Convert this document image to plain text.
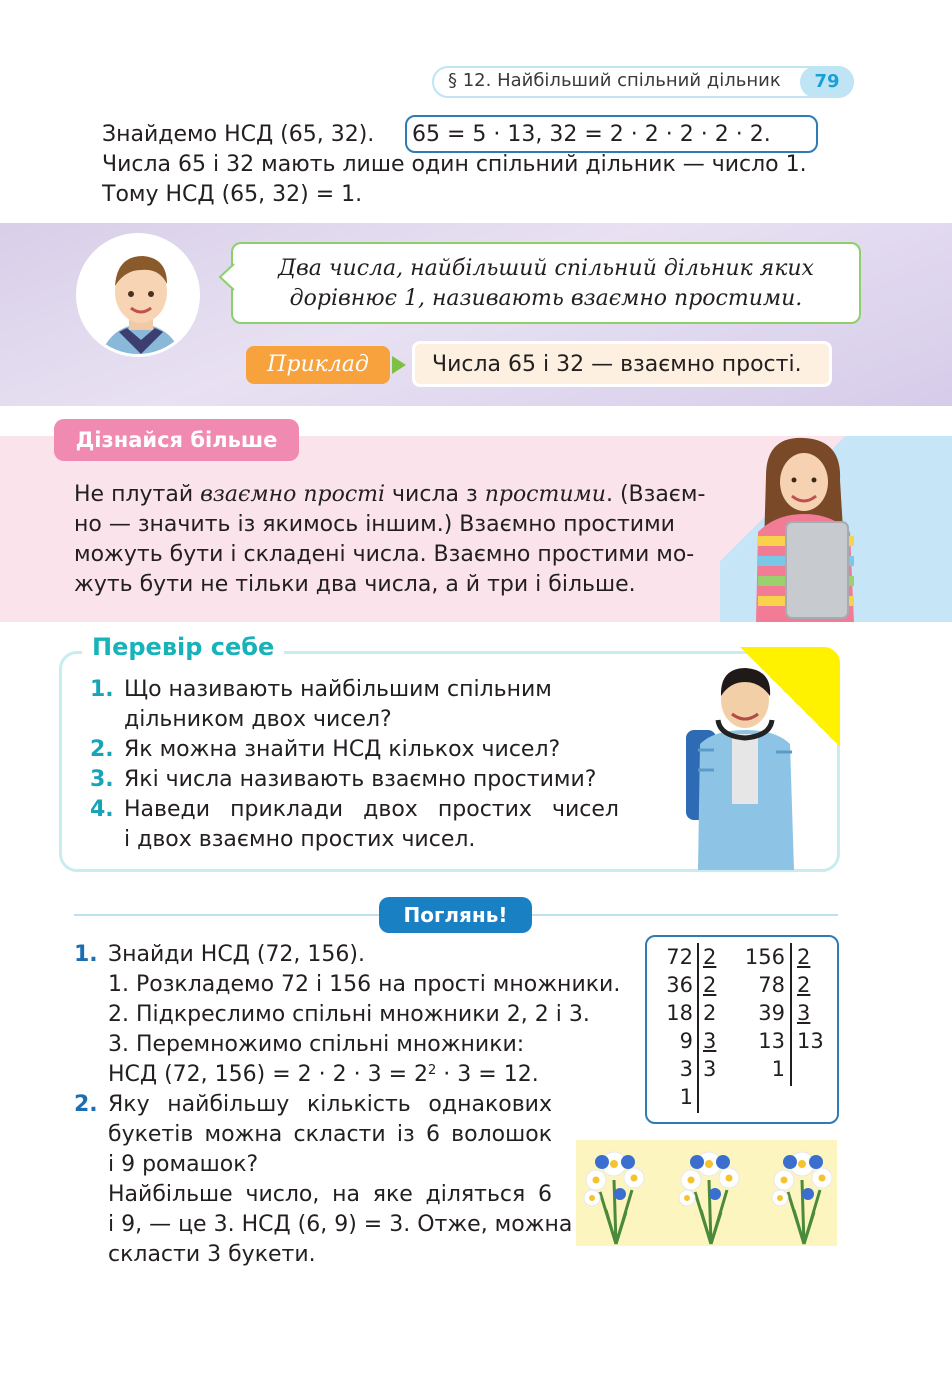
§ 12. Найбільший спільний дільник	79
Знайдемо НСД (65, 32). 65 = 5 · 13, 32 = 2 · 2 · 2 · 2 · 2.
Числа 65 і 32 мають лише один спільний дільник — число 1.
Тому НСД (65, 32) = 1.
Два числа, найбільший спільний дільник яких
дорівнює 1, називають взаємно простими.
Приклад	Числа 65 і 32 — взаємно прості.
Дізнайся більше
Не плутай взаємно прості числа з простими. (Взаєм-
но — значить із якимось іншим.) Взаємно простими
можуть бути і складені числа. Взаємно простими мо-
жуть бути не тільки два числа, а й три і більше.
Перевір себе
1. Що називають найбільшим спільним
дільником двох чисел?
2. Як можна знайти НСД кількох чисел?
3. Які числа називають взаємно простими?
4. Наведи приклади двох простих чисел
і двох взаємно простих чисел.
Поглянь!
1. Знайди НСД (72, 156).
1. Розкладемо 72 і 156 на прості множники.
2. Підкреслимо спільні множники 2, 2 і 3.
3. Перемножимо спільні множники:
НСД (72, $156) = 2 \cdot 2 \cdot 3 = 2^2 \cdot 3 = 12$.
2. Яку найбільшу кількість однакових
букетів можна скласти із 6 волошок
і 9 ромашок?
Найбільше число, на яке діляться 6
і 9, — це 3. НСД (6, 9) = 3. Отже, можна
скласти 3 букети.
72
36
18
9
3
1
2
2
2
3
3
156
78
39
13
1
2
2
3
13
